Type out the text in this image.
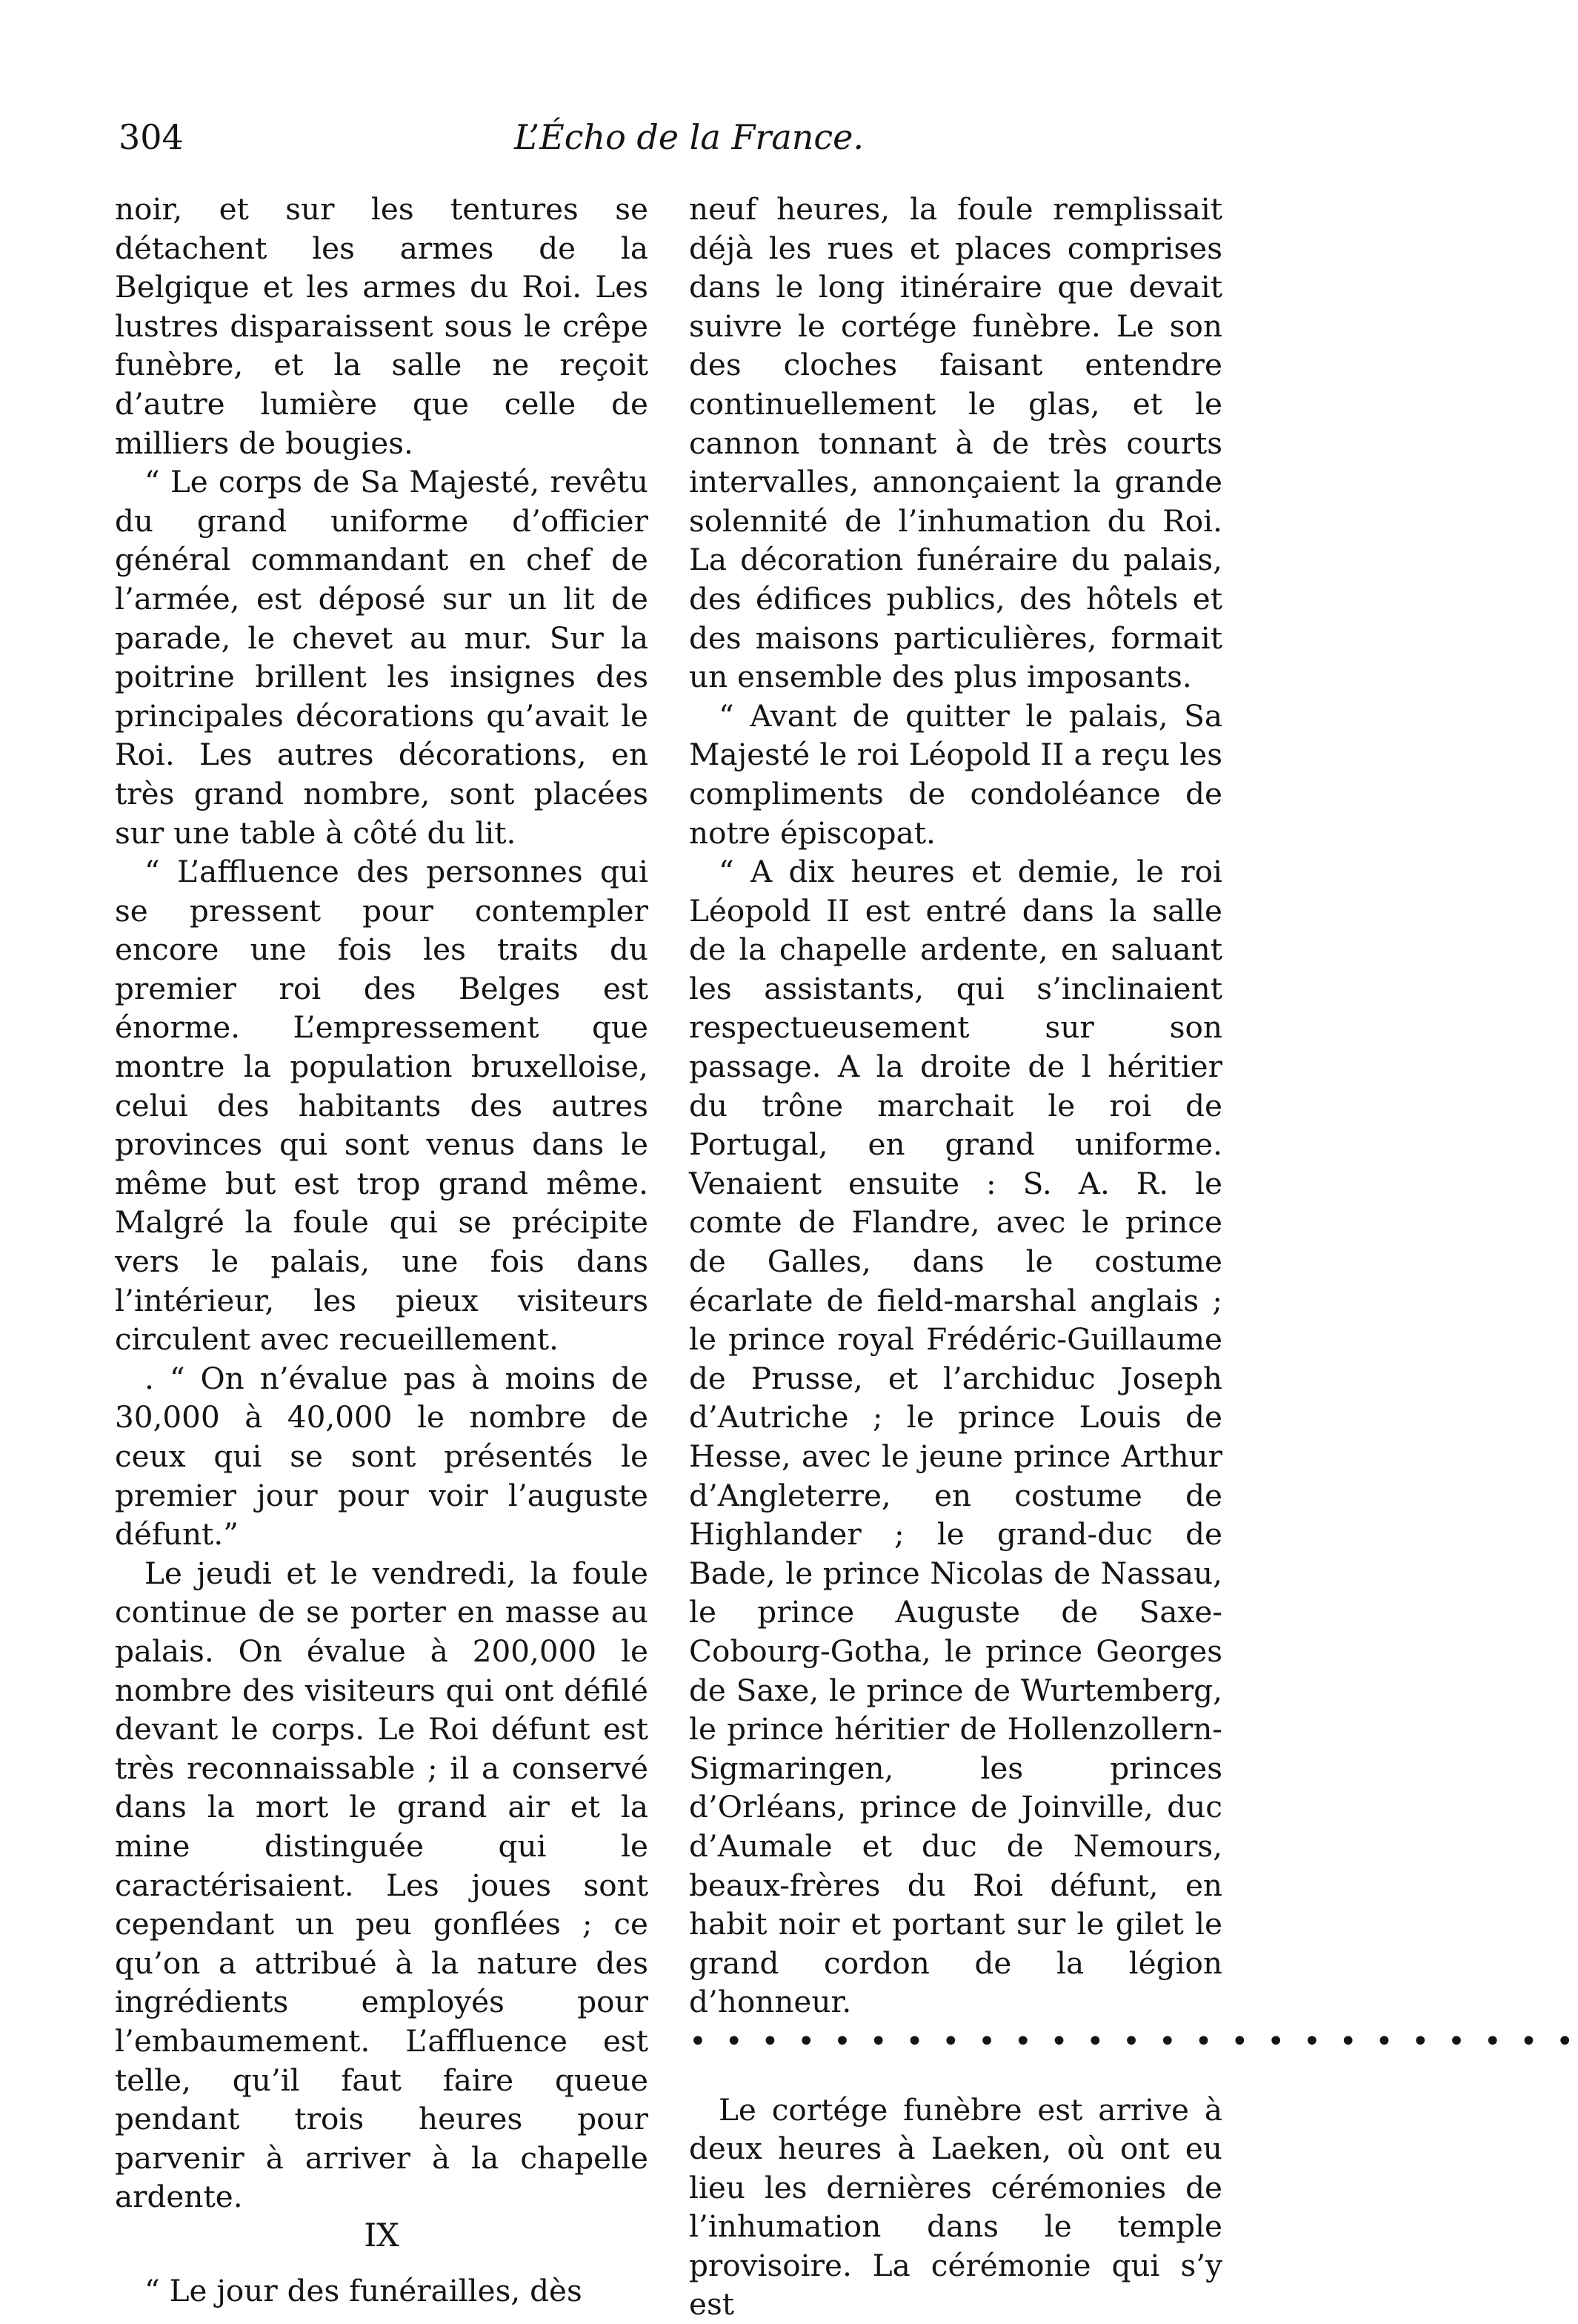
304	L’Écho de la France.

noir, et sur les tentures se détachent les armes de la Belgique et les armes du Roi. Les lustres disparaissent sous le crêpe funèbre, et la salle ne reçoit d’autre lumière que celle de milliers de bougies.

“ Le corps de Sa Majesté, revêtu du grand uniforme d’officier général commandant en chef de l’armée, est déposé sur un lit de parade, le chevet au mur. Sur la poitrine brillent les insignes des principales décorations qu’avait le Roi. Les autres décorations, en très grand nombre, sont placées sur une table à côté du lit.

“ L’affluence des personnes qui se pressent pour contempler encore une fois les traits du premier roi des Belges est énorme. L’empressement que montre la population bruxelloise, celui des habitants des autres provinces qui sont venus dans le même but est trop grand même. Malgré la foule qui se précipite vers le palais, une fois dans l’intérieur, les pieux visiteurs circulent avec recueillement.

. “ On n’évalue pas à moins de 30,000 à 40,000 le nombre de ceux qui se sont présentés le premier jour pour voir l’auguste défunt.”

Le jeudi et le vendredi, la foule continue de se porter en masse au palais. On évalue à 200,000 le nombre des visiteurs qui ont défilé devant le corps. Le Roi défunt est très reconnaissable ; il a conservé dans la mort le grand air et la mine distinguée qui le caractérisaient. Les joues sont cependant un peu gonflées ; ce qu’on a attribué à la nature des ingrédients employés pour l’embaumement. L’affluence est telle, qu’il faut faire queue pendant trois heures pour parvenir à arriver à la chapelle ardente.

IX

“ Le jour des funérailles, dès

neuf heures, la foule remplissait déjà les rues et places comprises dans le long itinéraire que devait suivre le cortége funèbre. Le son des cloches faisant entendre continuellement le glas, et le cannon tonnant à de très courts intervalles, annonçaient la grande solennité de l’inhumation du Roi. La décoration funéraire du palais, des édifices publics, des hôtels et des maisons particulières, formait un ensemble des plus imposants.

“ Avant de quitter le palais, Sa Majesté le roi Léopold II a reçu les compliments de condoléance de notre épiscopat.

“ A dix heures et demie, le roi Léopold II est entré dans la salle de la chapelle ardente, en saluant les assistants, qui s’inclinaient respectueusement sur son passage. A la droite de l héritier du trône marchait le roi de Portugal, en grand uniforme. Venaient ensuite : S. A. R. le comte de Flandre, avec le prince de Galles, dans le costume écarlate de field-marshal anglais ; le prince royal Frédéric-Guillaume de Prusse, et l’archiduc Joseph d’Autriche ; le prince Louis de Hesse, avec le jeune prince Arthur d’Angleterre, en costume de Highlander ; le grand-duc de Bade, le prince Nicolas de Nassau, le prince Auguste de Saxe-Cobourg-Gotha, le prince Georges de Saxe, le prince de Wurtemberg, le prince héritier de Hollenzollern-Sigmaringen, les princes d’Orléans, prince de Joinville, duc d’Aumale et duc de Nemours, beaux-frères du Roi défunt, en habit noir et portant sur le gilet le grand cordon de la légion d’honneur.

• • • • • • • • • • • • • • • • • • • • • • • • •

Le cortége funèbre est arrive à deux heures à Laeken, où ont eu lieu les dernières cérémonies de l’inhumation dans le temple provisoire. La cérémonie qui s’y est
